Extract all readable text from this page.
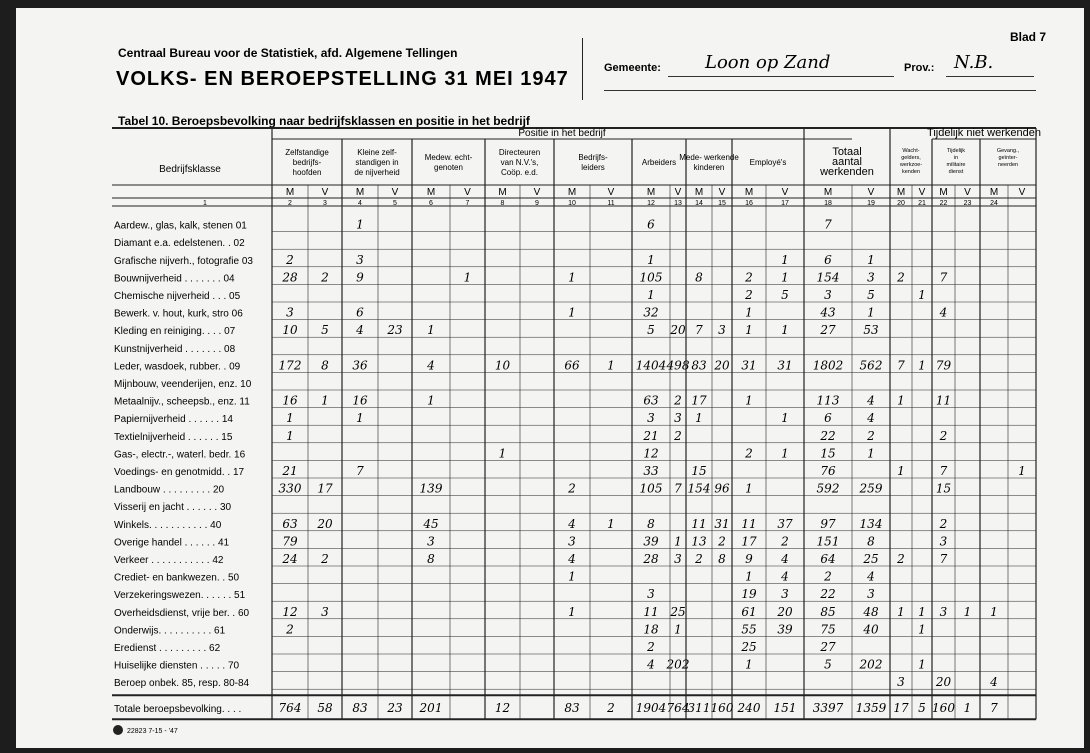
Blad 7
Centraal Bureau voor de Statistiek, afd. Algemene Tellingen
VOLKS- EN BEROEPSTELLING 31 MEI 1947	Gemeente: Loon op Zand	Prov.: N.B.
Tabel 10. Beroepsbevolking naar bedrijfsklassen en positie in het bedrijf
Bedrijfsklasse
Positie in het bedrijf	Tijdelijk niet werkenden
Zelfstandige
bedrijfs-
hoofden
Kleine zelf-
standigen in
de nijverheid
Medew. echt-
genoten
Directeuren
van N.V.'s,
Coöp. e.d.
Bedrijfs-
leiders
Arbeiders
Mede- werkende
kinderen
Employé's
Totaal
aantal
werkenden
Wacht-
gelders,
werkzoe-
kenden
Tijdelijk
in
militaire
dienst
Gevang.,
geïnter-
neerden
M
2
V
3
M
4
V
5
M
6
V
7
M
8
V
9
M
10
V
11
M
12
V
13
M
14
V
15
M
16
V
17
M
18
V
19
M
20
V
21
M
22
V
23
M
24
V
1
Aardew., glas, kalk, stenen 01	1	6	7
Diamant e.a. edelstenen. . 02
Grafische nijverh., fotografie 03	2	3	1	1	6	1
Bouwnijverheid . . . . . . . 04	28 2 9	1	1	105	8	2 1 154 3 2	7
Chemische nijverheid . . . 05	1	2 5	3	5	1
Bewerk. v. hout, kurk, stro 06	3	6	1	32	1	43	1	4
Kleding en reiniging. . . . 07	10 5 4 23 1	5 20 7 3 1 1	27 53
Kunstnijverheid . . . . . . . 08
Leder, wasdoek, rubber. . 09	172 8 36	4	10	66 1 1404 498 83 20 31 31 1802 562 7 1 79
Mijnbouw, veenderijen, enz. 10
Metaalnijv., scheepsb., enz. 11	16 1 16	1	63 2 17	1	113 4 1	11
Papiernijverheid . . . . . . 14	1	1	3 3 1	1	6	4
Textielnijverheid . . . . . . 15	1	21 2	22	2	2
Gas-, electr.-, waterl. bedr. 16	1	12	2 1	15	1
Voedings- en genotmidd. . 17	21	7	33	15	76	1	7	1
Landbouw . . . . . . . . . 20	330 17	139	2	105 7 154 96 1	592 259	15
Visserij en jacht . . . . . . 30
Winkels. . . . . . . . . . . 40	63 20	45	4	1	8	11 31 11 37 97 134	2
Overige handel . . . . . . 41	79	3	3	39 1 13 2 17 2 151 8	3
Verkeer . . . . . . . . . . . 42	24 2	8	4	28 3 2 8 9 4	64 25 2	7
Crediet- en bankwezen. . 50	1	1 4	2	4
Verzekeringswezen. . . . . . 51	3	19 3	22	3
Overheidsdienst, vrije ber. . 60	12 3	1	11 25	61 20 85 48 1 1 3 1 1
Onderwijs. . . . . . . . . . 61	2	18 1	55 39 75 40	1
Eredienst . . . . . . . . . 62	2	25	27
Huiselijke diensten . . . . . 70	4 202	1	5 202	1
Beroep onbek. 85, resp. 80-84	3	20	4
Totale beroepsbevolking. . . .	764 58 83 23 201	12	83 2 1904 764
311 160 240 151 3397 1359 17 5 160 1 7
22823 7-15 - '47
